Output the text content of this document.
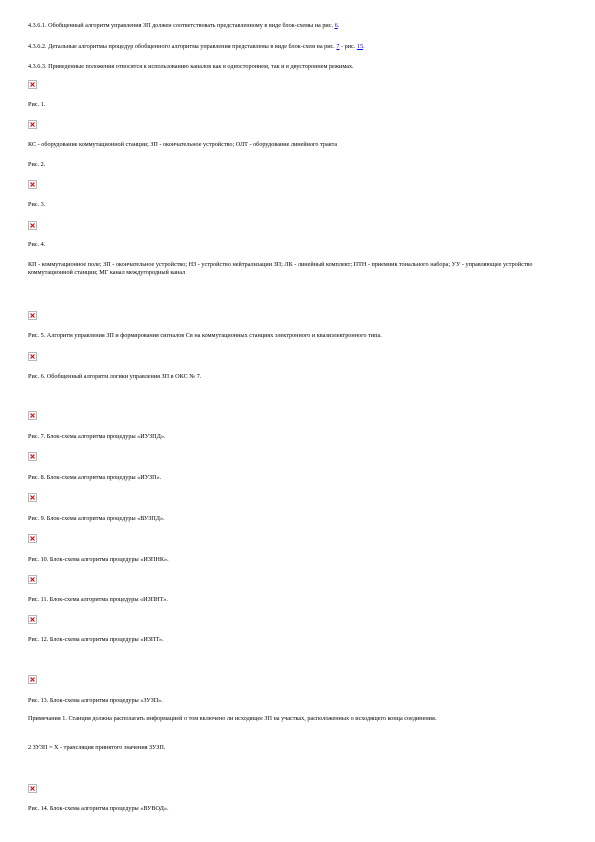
4.3.6.1. Обобщенный алгоритм управления ЗП должен соответствовать представленному в виде блок-схемы на рис. 6.
4.3.6.2. Детальные алгоритмы процедур обобщенного алгоритма управления представлены в виде блок-схем на рис. 7 - рис. 15.
4.3.6.3. Приведенные положения относятся к использованию каналов как в одностороннем, так и в двустороннем режимах.
Рис. 1.
КС - оборудование коммутационной станции; ЗП - окончательное устройство; ОЛТ - оборудование линейного тракта
Рис. 2.
Рис. 3.
Рис. 4.
КП - коммутационное поле; ЗП - окончательное устройство; НЗ - устройство нейтрализации ЗП; ЛК - линейный комплект; ПТН - приемник тонального набора; УУ - управляющее устройство коммутационной станции; МГ канал междугородный канал
Рис. 5. Алгоритм управления ЗП и формирования сигналов Св на коммутационных станциях электронного и квазиэлектронного типа.
Рис. 6. Обобщенный алгоритм логики управления ЗП в ОКС № 7.
Рис. 7. Блок-схема алгоритма процедуры «ИУЗПД».
Рис. 8. Блок-схема алгоритма процедуры «ИУЗП».
Рис. 9. Блок-схема алгоритма процедуры «ВУЗПД».
Рис. 10. Блок-схема алгоритма процедуры «ИЗПНК».
Рис. 11. Блок-схема алгоритма процедуры «ИЗПНТ».
Рис. 12. Блок-схема алгоритма процедуры «ИЗПТ».
Рис. 13. Блок-схема алгоритма процедуры «ЗУЗП».
Примечания 1. Станция должна располагать информацией о том включено ли исходящее ЗП на участках, расположенных о исходящего конца соединения.
2 ЗУЗП = Х - трансляция принятого значения ЗУЗП.
Рис. 14. Блок-схема алгоритма процедуры «ВУВОД».
